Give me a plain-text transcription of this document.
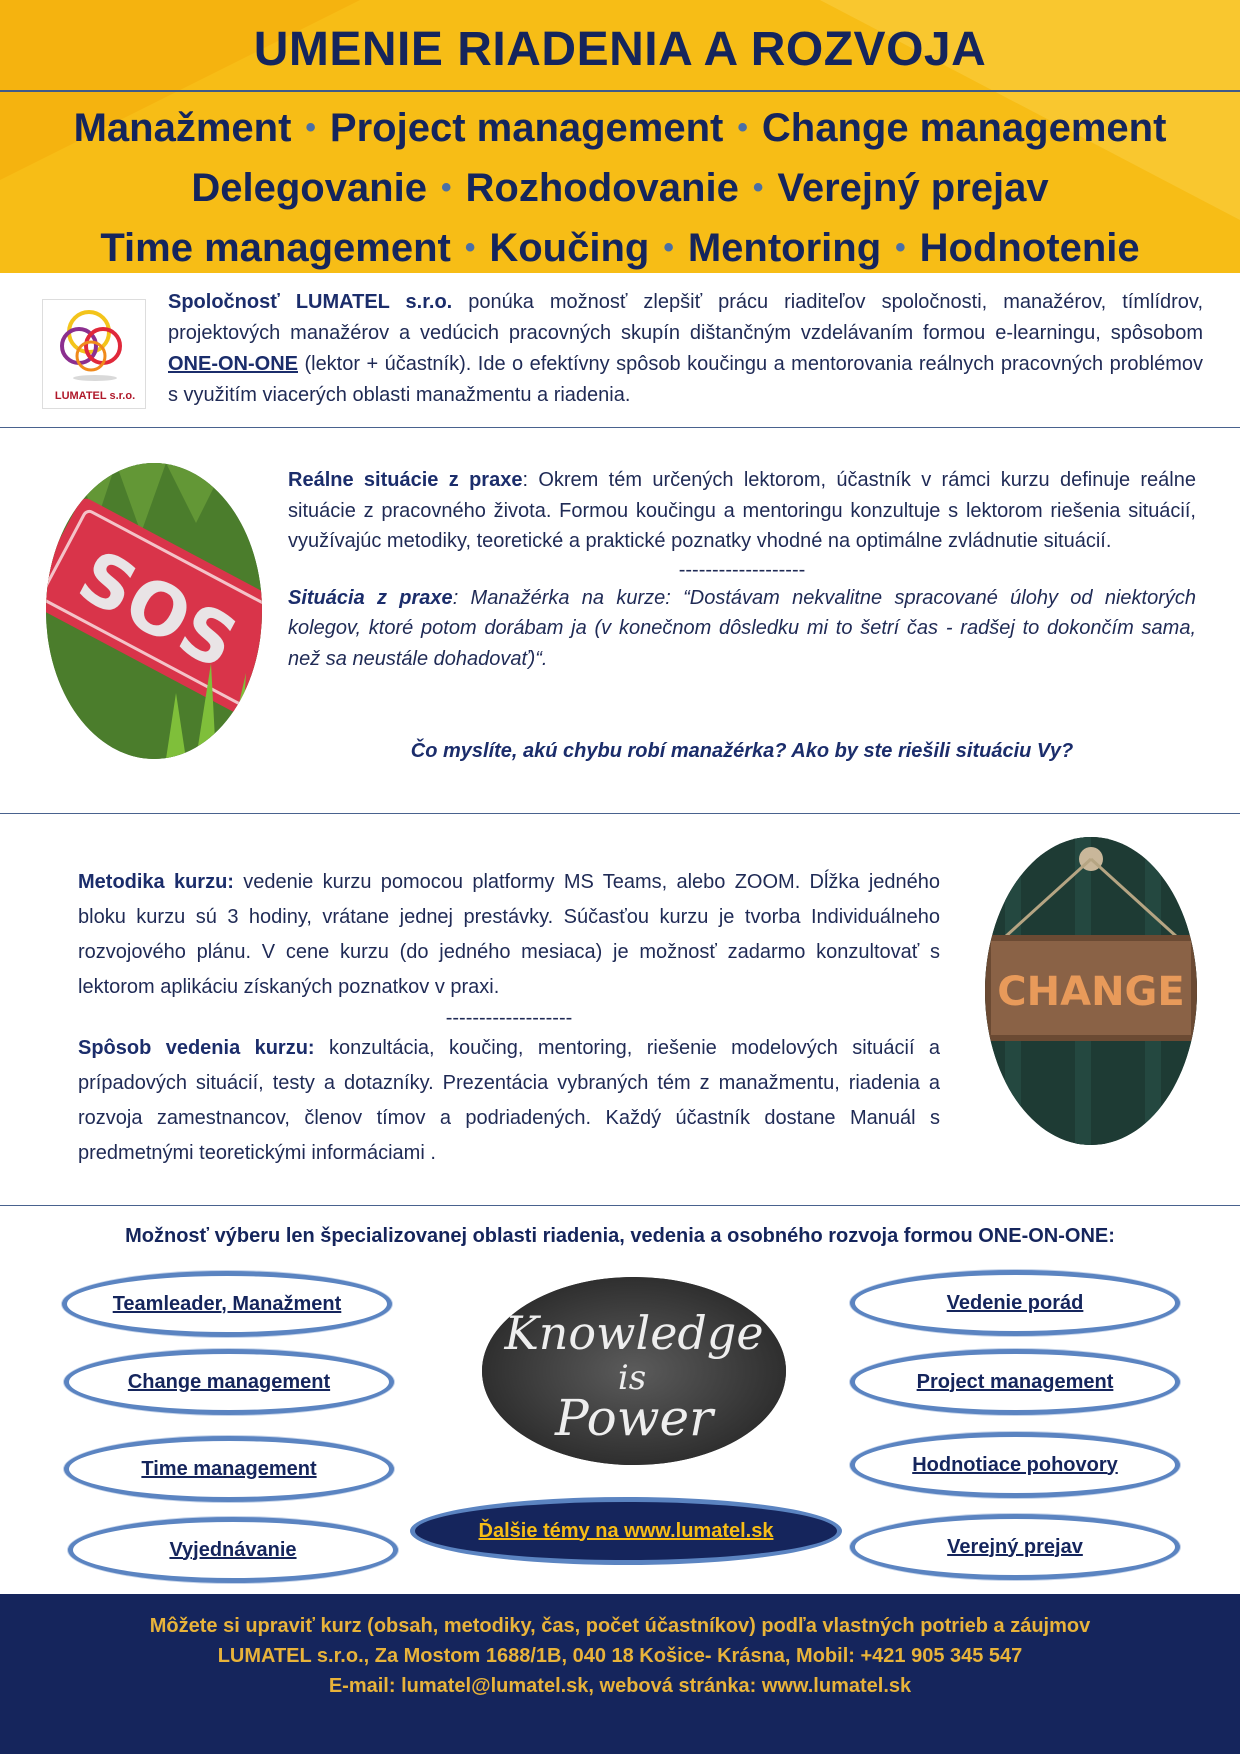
UMENIE RIADENIA A ROZVOJA
Manažment • Project management • Change management
Delegovanie • Rozhodovanie • Verejný prejav
Time management • Koučing • Mentoring • Hodnotenie
LUMATEL s.r.o.

Spoločnosť LUMATEL s.r.o. ponúka možnosť zlepšiť prácu riaditeľov spoločnosti, manažérov, tímlídrov, projektových manažérov a vedúcich pracovných skupín dištančným vzdelávaním formou e-learningu, spôsobom ONE-ON-ONE (lektor + účastník). Ide o efektívny spôsob koučingu a mentorovania reálnych pracovných problémov s využitím viacerých oblasti manažmentu a riadenia.

SOS

Reálne situácie z praxe: Okrem tém určených lektorom, účastník v rámci kurzu definuje reálne situácie z pracovného života. Formou koučingu a mentoringu konzultuje s lektorom riešenia situácií, využívajúc metodiky, teoretické a praktické poznatky vhodné na optimálne zvládnutie situácií.

-------------------

Situácia z praxe: Manažérka na kurze: “Dostávam nekvalitne spracované úlohy od niektorých kolegov, ktoré potom dorábam ja (v konečnom dôsledku mi to šetrí čas - radšej to dokončím sama, než sa neustále dohadovať)“.

Čo myslíte, akú chybu robí manažérka? Ako by ste riešili situáciu Vy?

Metodika kurzu: vedenie kurzu pomocou platformy MS Teams, alebo ZOOM. Dĺžka jedného bloku kurzu sú 3 hodiny, vrátane jednej prestávky. Súčasťou kurzu je tvorba Individuálneho rozvojového plánu. V cene kurzu (do jedného mesiaca) je možnosť zadarmo konzultovať s lektorom aplikáciu získaných poznatkov v praxi.

-------------------

Spôsob vedenia kurzu: konzultácia, koučing, mentoring, riešenie modelových situácií a prípadových situácií, testy a dotazníky. Prezentácia vybraných tém z manažmentu, riadenia a rozvoja zamestnancov, členov tímov a podriadených. Každý účastník dostane Manuál s predmetnými teoretickými informáciami .

CHANGE

Možnosť výberu len špecializovanej oblasti riadenia, vedenia a osobného rozvoja formou ONE-ON-ONE:

Teamleader, Manažment
Change management
Time management
Vyjednávanie
Vedenie porád
Project management
Hodnotiace pohovory
Verejný prejav
Knowledge
is
Power
Ďalšie témy na www.lumatel.sk

Môžete si upraviť kurz (obsah, metodiky, čas, počet účastníkov) podľa vlastných potrieb a záujmov

LUMATEL s.r.o., Za Mostom 1688/1B, 040 18 Košice- Krásna, Mobil: +421 905 345 547

E-mail: lumatel@lumatel.sk, webová stránka: www.lumatel.sk
